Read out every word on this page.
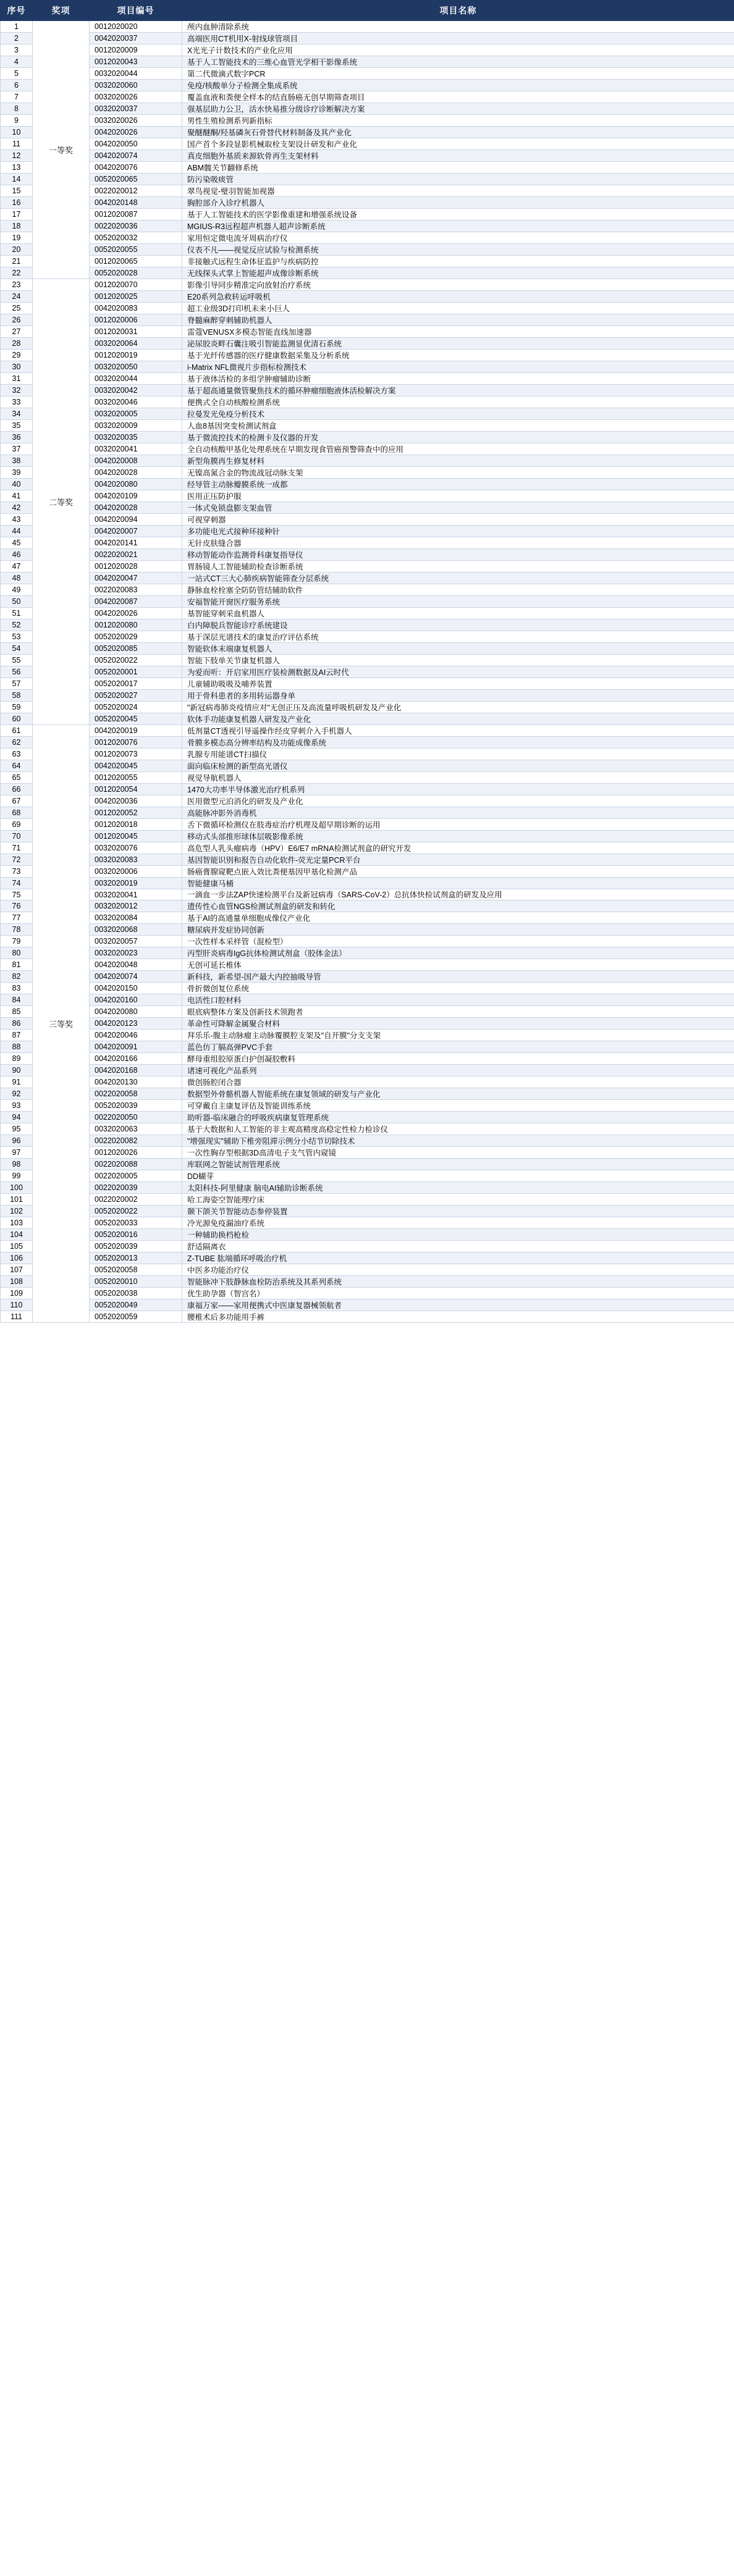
序号	奖项	项目编号	项目名称
1	一等奖	0012020020	颅内血肿清除系统
2		0042020037	高端医用CT机用X-射线球管项目
3		0012020009	X光光子计数技术的产业化应用
4		0012020043	基于人工智能技术的三维心血管光学相干影像系统
5		0032020044	第二代微滴式数字PCR
6		0032020060	免疫/核酸单分子检测全集成系统
7		0032020026	覆盖血液和粪便全样本的结直肠癌无创早期筛查项目
8		0032020037	强基层助力公卫，活水快易推分级诊疗诊断解决方案
9		0032020026	男性生殖检测系列新指标
10		0042020026	聚醚醚酮/羟基磷灰石骨替代材料制备及其产业化
11		0042020050	国产首个多段显影机械取栓支架设计研发和产业化
12		0042020074	真皮细胞外基质来源软骨再生支架材料
13		0042020076	ABM髋关节翻修系统
14		0052020065	防污染吸痰管
15		0022020012	翠鸟视觉-璧羽智能加视器
16		0042020148	胸腔部介入诊疗机器人
17		0012020087	基于人工智能技术的医学影像重建和增强系统设备
18		0022020036	MGIUS-R3远程超声机器人超声诊断系统
19		0052020032	家用恒定微电流牙周病治疗仪
20		0052020055	仪表不凡——视觉反应试验与检测系统
21		0012020065	非接触式远程生命体征监护与疾病防控
22		0052020028	无线探头式掌上智能超声成像诊断系统
23	二等奖	0012020070	影像引导同步精准定向放射治疗系统
24		0012020025	E20系列急救转运呼吸机
25		0042020083	超工业级3D打印机未来小巨人
26		0012020006	脊髓麻醉穿刺辅助机器人
27		0012020031	雷蔻VENUSX多模态智能直线加速器
28		0032020064	泌尿胶炎畔石囊注吸引智能监测显优清石系统
29		0012020019	基于光纤传感器的医疗健康数据采集及分析系统
30		0032020050	i-Matrix NFL微视片步指标检测技术
31		0032020044	基于液体活检的多组学肿瘤辅助诊断
32		0032020042	基于超高通量微管聚焦技术的循环肿瘤细胞液体活检解决方案
33		0032020046	便携式全自动核酸检测系统
34		0032020005	拉曼发光免疫分析技术
35		0032020009	人血8基因突变检测试剂盒
36		0032020035	基于微流控技术的检测卡及仪器的开发
37		0032020041	全自动核酸甲基化处理系统在早期发现食管癌预警筛查中的应用
38		0042020008	新型角膜再生修复材料
39		0042020028	无镍高氮合金的物流战冠动脉支架
40		0042020080	经导管主动脉瓣膜系统一成都
41		0042020109	医用正压防护服
42		0042020028	一体式免锁盘膨支架血管
43		0042020094	可视穿刺器
44		0042020007	多功能电光式接种环接种针
45		0042020141	无针皮肤缝合器
46		0022020021	移动智能动作监测骨科康复指导仪
47		0012020028	胃肠镜人工智能辅助检查诊断系统
48		0042020047	一站式CT三大心肺疾病智能筛查分层系统
49		0022020083	静脉血栓栓塞全防防管结辅助软件
50		0042020087	安福智能开窗医疗服务系统
51		0042020026	基智能穿刺采血机器人
52		0012020080	白内障脱兵智能诊疗系统建设
53		0052020029	基于深层光谱技术的康复治疗评估系统
54		0052020085	智能软体末端康复机器人
55		0052020022	智能下肢单关节康复机器人
56		0052020001	为爱而听：开启家用医疗装检测数据及AI云时代
57		0052020017	儿童辅助吸吸及哺养装置
58		0052020027	用于骨科患者的多用转运器身单
59		0052020024	"新冠病毒肺炎疫情应对"无创正压及高流量呼吸机研发及产业化
60		0052020045	软体手功能康复机器人研发及产业化
61	三等奖	0042020019	低剂量CT透视引导遥操作经皮穿刺介入手机器人
62		0012020076	骨膜多模态高分辨率结构及功能成像系统
63		0012020073	乳腺专用能谱CT扫描仪
64		0042020045	面向临床检测的新型高光谱仪
65		0012020055	视觉导航机器人
66		0012020054	1470大功率半导体激光治疗机系列
67		0042020036	医用微型元泊消化的研发及产业化
68		0012020052	高能脉冲影外消毒机
69		0012020018	舌下微循环检测仪在肢毒症治疗机理及超早期诊断的运用
70		0012020045	移动式头部推形球体层吸影像系统
71		0032020076	高危型人乳头瘤病毒（HPV）E6/E7 mRNA检测试剂盒的研究开发
72		0032020083	基因智能识别和报告自动化软件-荧光定量PCR平台
73		0032020006	肠癌膏腺窥靶点嵌入效比粪便基因甲基化检测产品
74		0032020019	智能健康马桶
75		0032020041	一滴血一步法ZAP快速检测平台及新冠病毒（SARS-CoV-2）总抗体快检试剂盒的研发及应用
76		0032020012	遗传性心血管NGS检测试剂盒的研发和转化
77		0032020084	基于AI的高通量单细胞成像仪产业化
78		0032020068	糖尿病并发症协同创新
79		0032020057	一次性样本采样管（混检型）
80		0032020023	丙型肝炎病毒IgG抗体检测试剂盒（胶体金法）
81		0042020048	无创可延长椎体
82		0042020074	新科技，新希望-国产最大内控抽吸导管
83		0042020150	骨折微创复位系统
84		0042020160	电活性口腔材料
85		0042020080	眼底病整体方案及创新技术领跑者
86		0042020123	革命性可降解金属聚合材料
87		0042020046	拜乐乐-腹主动脉瘤主动脉覆膜腔支架及"自开膜"分支支架
88		0042020091	蓝色仿丁膈高弹PVC手套
89		0042020166	酵母重组胶原蛋白护创凝胶敷料
90		0042020168	诸速可视化产品系列
91		0042020130	微创肠腔闭合器
92		0022020058	数据型外骨骼机器人智能系统在康复领域的研发与产业化
93		0052020039	可穿戴自主康复评估及智能训练系统
94		0022020050	助听器-临床融合的呼吸疾病康复管理系统
95		0032020063	基于大数据和人工智能的非主观高精度高稳定性检力检诊仪
96		0022020082	"增强现实"辅助下椎旁阻滞示例分小结节切除技术
97		0012020026	一次性胸存型根据3D高清电子支气管内窥镜
98		0022020088	库联网之智能试剂管理系统
99		0022020005	DD蝴芽
100		0022020039	太阳科技-阿里健康 脑电AI辅助诊断系统
101		0022020002	哈工海姿空智能理疗床
102		0052020022	颞下颌关节智能动态参停装置
103		0052020033	冷光源免疫漏油疗系统
104		0052020016	一种辅助换档枪检
105		0052020039	舒适隔离衣
106		0052020013	Z-TUBE 肱端循环呼吸治疗机
107		0052020058	中医多功能治疗仪
108		0052020010	智能脉冲下肢静脉血栓防治系统及其系列系统
109		0052020038	优生助孕器（智宫名）
110		0052020049	康福万家——家用便携式中医康复器械领航者
111		0052020059	腰椎术后多功能用手裤
